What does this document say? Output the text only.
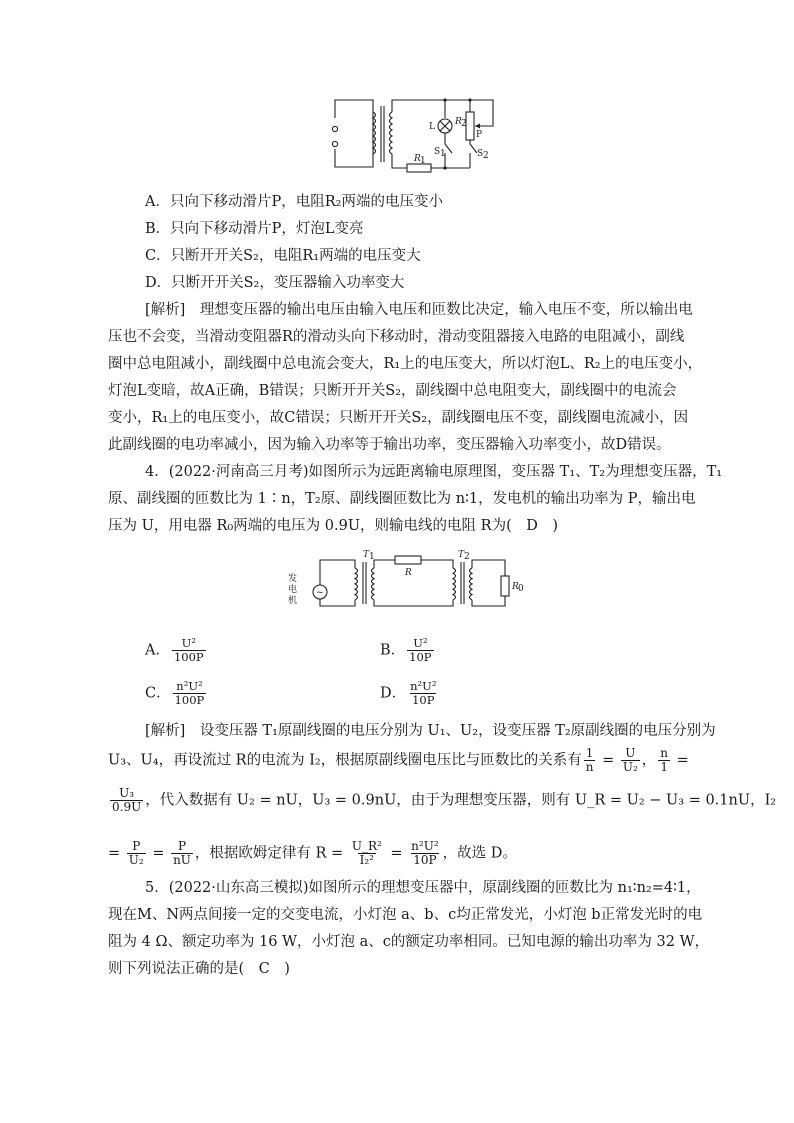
L R 2
P
S 1	S 2
R 1
A．只向下移动滑片P，电阻R₂两端的电压变小
B．只向下移动滑片P，灯泡L变亮
C．只断开开关S₂，电阻R₁两端的电压变大
D．只断开开关S₂，变压器输入功率变大
[解析]　理想变压器的输出电压由输入电压和匝数比决定，输入电压不变，所以输出电
压也不会变，当滑动变阻器R的滑动头向下移动时，滑动变阻器接入电路的电阻减小，副线
圈中总电阻减小，副线圈中总电流会变大，R₁上的电压变大，所以灯泡L、R₂上的电压变小，
灯泡L变暗，故A正确，B错误；只断开开关S₂，副线圈中总电阻变大，副线圈中的电流会
变小，R₁上的电压变小，故C错误；只断开开关S₂，副线圈电压不变，副线圈电流减小，因
此副线圈的电功率减小，因为输入功率等于输出功率，变压器输入功率变小，故D错误。
4．(2022·河南高三月考)如图所示为远距离输电原理图，变压器 T₁、T₂为理想变压器，T₁
原、副线圈的匝数比为 1∶n，T₂原、副线圈匝数比为 n∶1，发电机的输出功率为 P，输出电
压为 U，用电器 R₀两端的电压为 0.9U，则输电线的电阻 R为(　D　)
发
电
机
~
T 1
R
T 2
R 0
A． $\frac{\text{U²}}{100P}$	B． $\frac{\text{U²}}{10P}$
C． $\frac{\text{n²U²}}{100P}$	D． $\frac{\text{n²U²}}{10P}$
[解析]　设变压器 T₁原副线圈的电压分别为 U₁、U₂，设变压器 T₂原副线圈的电压分别为
U₃、U₄，再设流过 R的电流为 I₂，根据原副线圈电压比与匝数比的关系有 $\frac{1}{n} = \frac{U}{\text{U₂}}$ ， $\frac{n}{1}$ =
$\frac{\text{U₃}}{0.9U}$ ，代入数据有 U₂ = nU，U₃ = 0.9nU，由于为理想变压器，则有 U_R = U₂ − U₃ = 0.1nU，I₂
= $\frac{P}{\text{U₂}} = \frac{P}{nU}$ ，根据欧姆定律有 $R = \frac{\text{U\_R²}}{\text{I₂²}} = \frac{\text{n²U²}}{10P}$ ，故选 D。
5．(2022·山东高三模拟)如图所示的理想变压器中，原副线圈的匝数比为 n₁∶n₂=4∶1，
现在M、N两点间接一定的交变电流，小灯泡 a、b、c均正常发光，小灯泡 b正常发光时的电
阻为 4 Ω、额定功率为 16 W，小灯泡 a、c的额定功率相同。已知电源的输出功率为 32 W，
则下列说法正确的是(　C　)
